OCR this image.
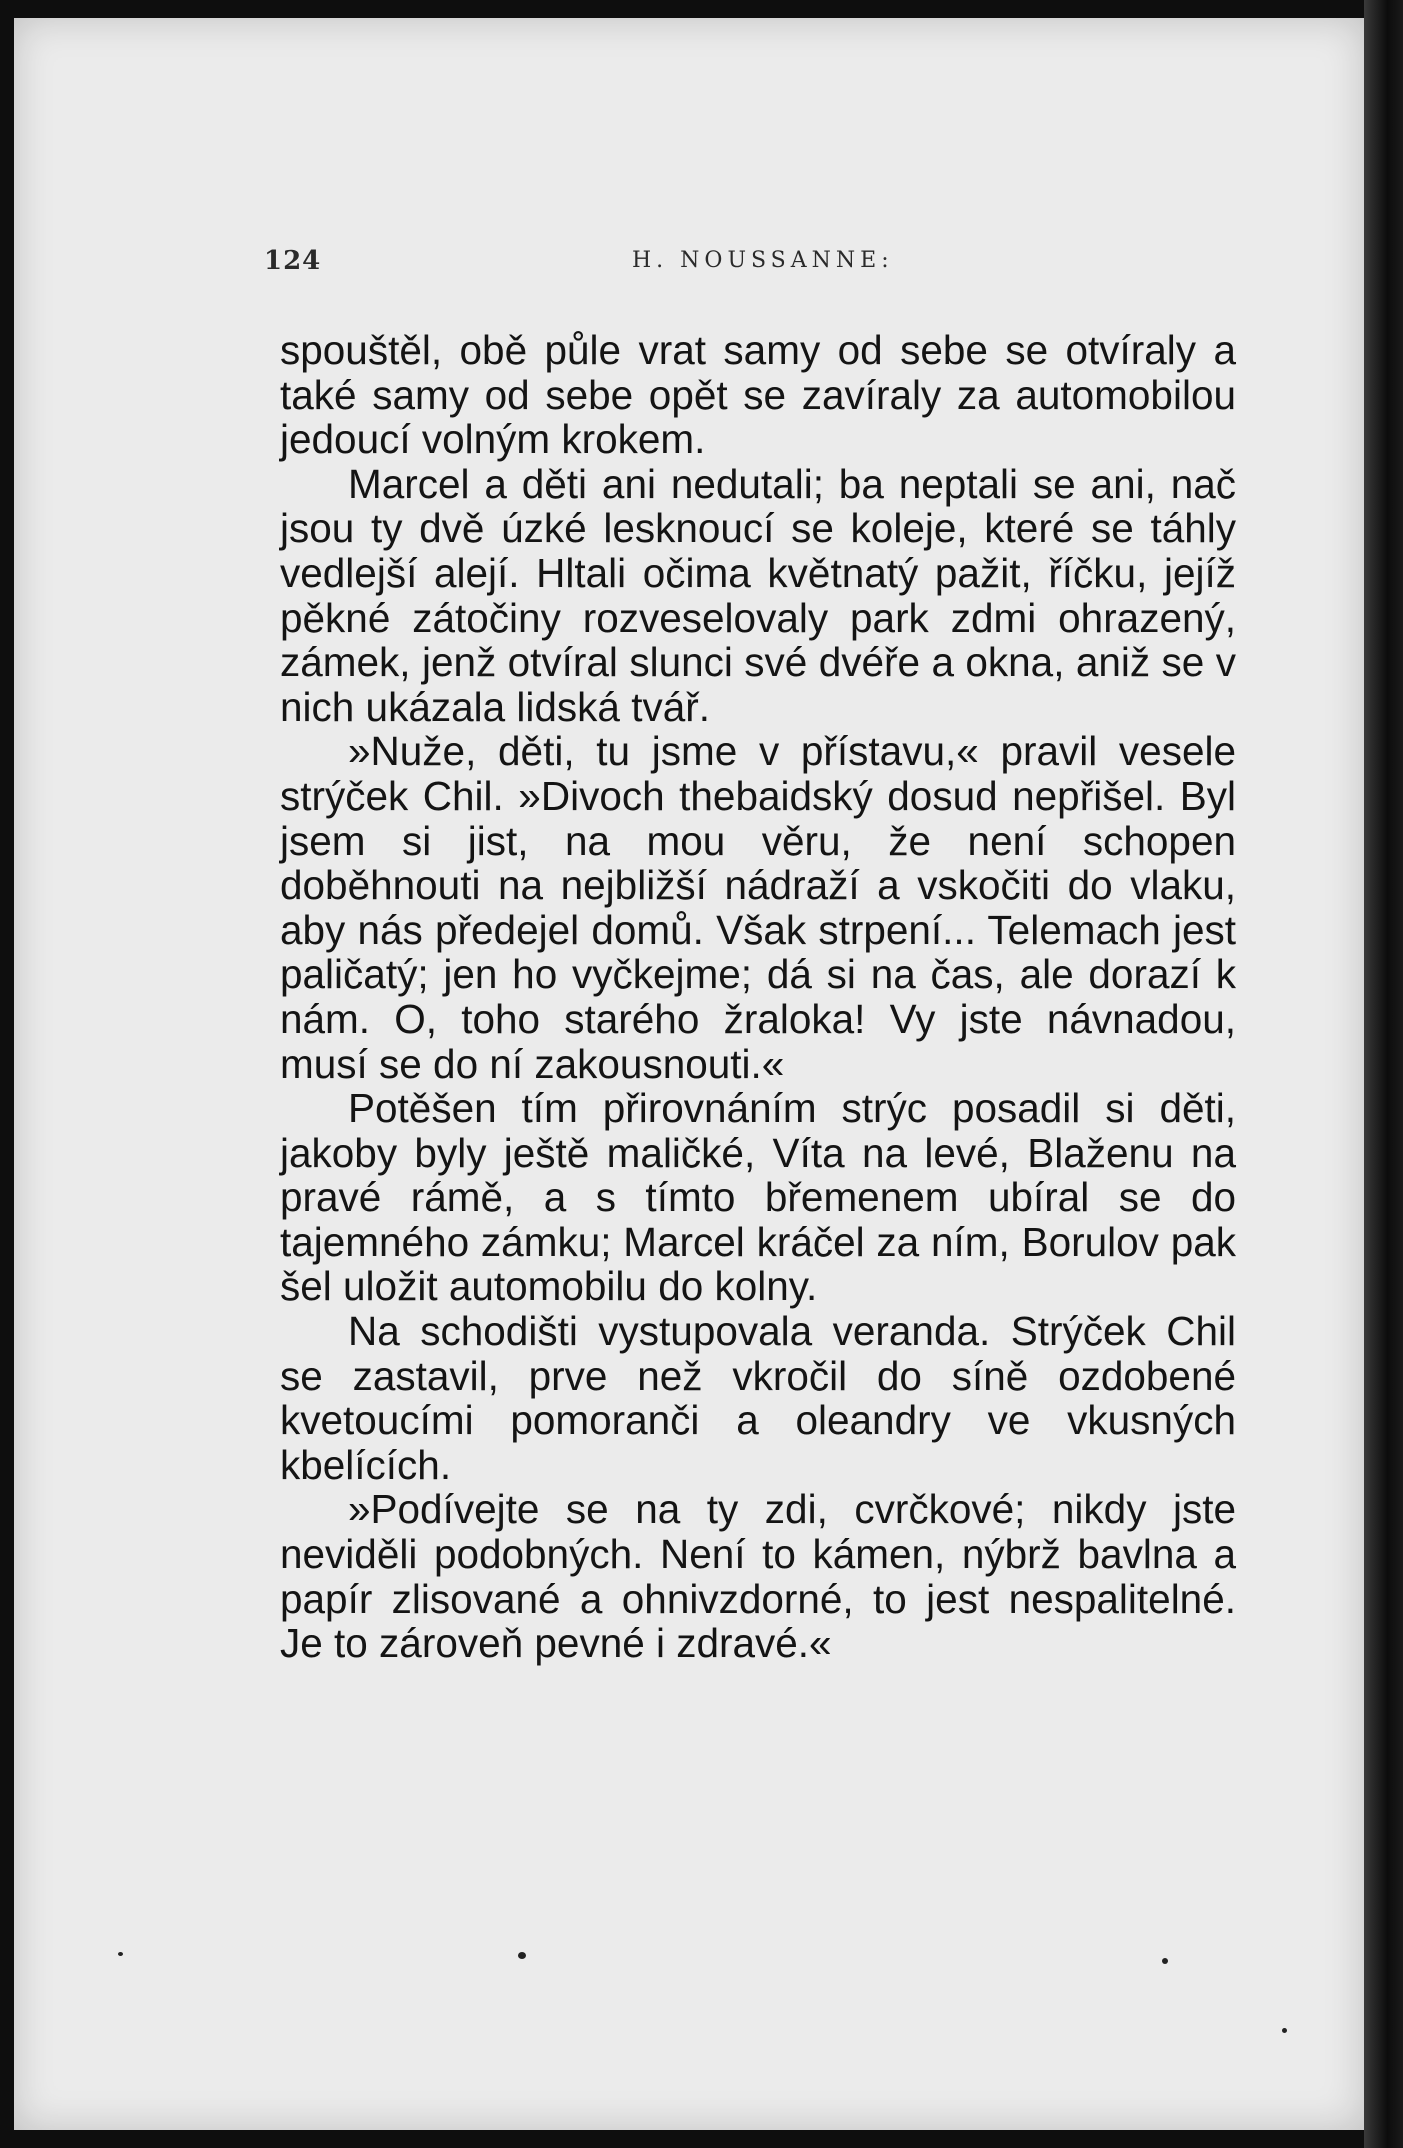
124	H. NOUSSANNE:

spouštěl, obě půle vrat samy od sebe se otvíraly a také samy od sebe opět se zavíraly za automobilou jedoucí volným krokem.

Marcel a děti ani nedutali; ba neptali se ani, nač jsou ty dvě úzké lesknoucí se koleje, které se táhly vedlejší alejí. Hltali očima květnatý pažit, říčku, jejíž pěkné zátočiny rozveselovaly park zdmi ohrazený, zámek, jenž otvíral slunci své dvéře a okna, aniž se v nich ukázala lidská tvář.

»Nuže, děti, tu jsme v přístavu,« pravil vesele strýček Chil. »Divoch thebaidský dosud nepřišel. Byl jsem si jist, na mou věru, že není schopen doběhnouti na nejbližší nádraží a vskočiti do vlaku, aby nás předejel domů. Však strpení... Telemach jest paličatý; jen ho vyčkejme; dá si na čas, ale dorazí k nám. O, toho starého žraloka! Vy jste návnadou, musí se do ní zakousnouti.«

Potěšen tím přirovnáním strýc posadil si děti, jakoby byly ještě maličké, Víta na levé, Blaženu na pravé rámě, a s tímto břemenem ubíral se do tajemného zámku; Marcel kráčel za ním, Borulov pak šel uložit automobilu do kolny.

Na schodišti vystupovala veranda. Strýček Chil se zastavil, prve než vkročil do síně ozdobené kvetoucími pomoranči a oleandry ve vkusných kbelících.

»Podívejte se na ty zdi, cvrčkové; nikdy jste neviděli podobných. Není to kámen, nýbrž bavlna a papír zlisované a ohnivzdorné, to jest nespalitelné. Je to zároveň pevné i zdravé.«
